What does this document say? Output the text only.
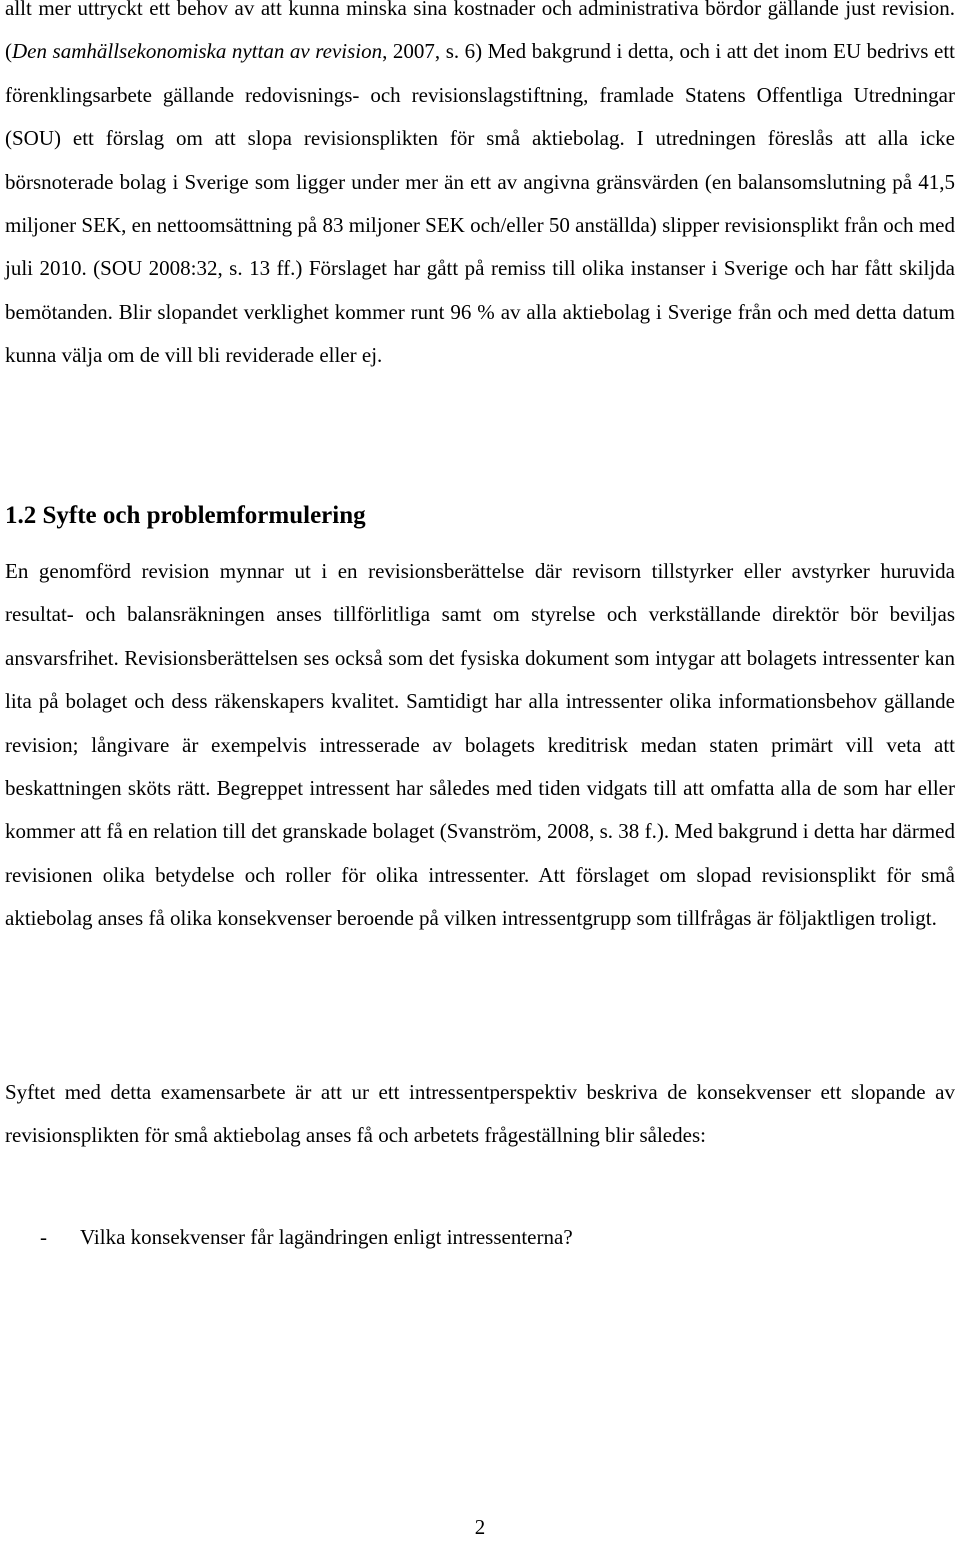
allt mer uttryckt ett behov av att kunna minska sina kostnader och administrativa bördor gällande just revision. (Den samhällsekonomiska nyttan av revision, 2007, s. 6) Med bakgrund i detta, och i att det inom EU bedrivs ett förenklingsarbete gällande redovisnings- och revisionslagstiftning, framlade Statens Offentliga Utredningar (SOU) ett förslag om att slopa revisionsplikten för små aktiebolag. I utredningen föreslås att alla icke börsnoterade bolag i Sverige som ligger under mer än ett av angivna gränsvärden (en balansomslutning på 41,5 miljoner SEK, en nettoomsättning på 83 miljoner SEK och/eller 50 anställda) slipper revisionsplikt från och med juli 2010. (SOU 2008:32, s. 13 ff.) Förslaget har gått på remiss till olika instanser i Sverige och har fått skiljda bemötanden. Blir slopandet verklighet kommer runt 96 % av alla aktiebolag i Sverige från och med detta datum kunna välja om de vill bli reviderade eller ej.

1.2 Syfte och problemformulering

En genomförd revision mynnar ut i en revisionsberättelse där revisorn tillstyrker eller avstyrker huruvida resultat- och balansräkningen anses tillförlitliga samt om styrelse och verkställande direktör bör beviljas ansvarsfrihet. Revisionsberättelsen ses också som det fysiska dokument som intygar att bolagets intressenter kan lita på bolaget och dess räkenskapers kvalitet. Samtidigt har alla intressenter olika informationsbehov gällande revision; långivare är exempelvis intresserade av bolagets kreditrisk medan staten primärt vill veta att beskattningen sköts rätt. Begreppet intressent har således med tiden vidgats till att omfatta alla de som har eller kommer att få en relation till det granskade bolaget (Svanström, 2008, s. 38 f.). Med bakgrund i detta har därmed revisionen olika betydelse och roller för olika intressenter. Att förslaget om slopad revisionsplikt för små aktiebolag anses få olika konsekvenser beroende på vilken intressentgrupp som tillfrågas är följaktligen troligt.

Syftet med detta examensarbete är att ur ett intressentperspektiv beskriva de konsekvenser ett slopande av revisionsplikten för små aktiebolag anses få och arbetets frågeställning blir således:

-	Vilka konsekvenser får lagändringen enligt intressenterna?
2
